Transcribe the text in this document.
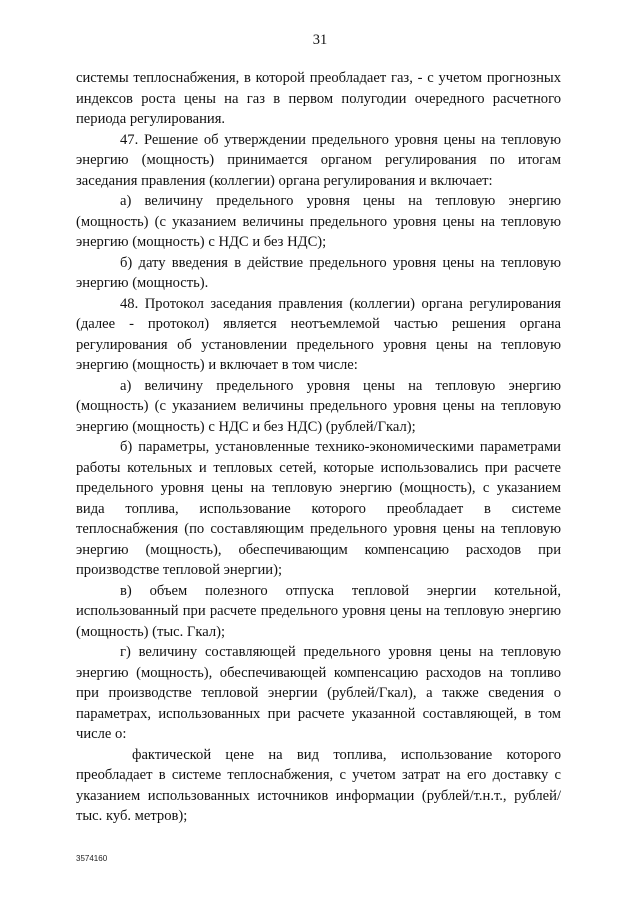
31

системы теплоснабжения, в которой преобладает газ, - с учетом прогнозных индексов роста цены на газ в первом полугодии очередного расчетного периода регулирования.

47. Решение об утверждении предельного уровня цены на тепловую энергию (мощность) принимается органом регулирования по итогам заседания правления (коллегии) органа регулирования и включает:

а) величину предельного уровня цены на тепловую энергию (мощность) (с указанием величины предельного уровня цены на тепловую энергию (мощность) с НДС и без НДС);

б) дату введения в действие предельного уровня цены на тепловую энергию (мощность).

48. Протокол заседания правления (коллегии) органа регулирования (далее - протокол) является неотъемлемой частью решения органа регулирования об установлении предельного уровня цены на тепловую энергию (мощность) и включает в том числе:

а) величину предельного уровня цены на тепловую энергию (мощность) (с указанием величины предельного уровня цены на тепловую энергию (мощность) с НДС и без НДС) (рублей/Гкал);

б) параметры, установленные технико-экономическими параметрами работы котельных и тепловых сетей, которые использовались при расчете предельного уровня цены на тепловую энергию (мощность), с указанием вида топлива, использование которого преобладает в системе теплоснабжения (по составляющим предельного уровня цены на тепловую энергию (мощность), обеспечивающим компенсацию расходов при производстве тепловой энергии);

в) объем полезного отпуска тепловой энергии котельной, использованный при расчете предельного уровня цены на тепловую энергию (мощность) (тыс. Гкал);

г) величину составляющей предельного уровня цены на тепловую энергию (мощность), обеспечивающей компенсацию расходов на топливо при производстве тепловой энергии (рублей/Гкал), а также сведения о параметрах, использованных при расчете указанной составляющей, в том числе о:

фактической цене на вид топлива, использование которого преобладает в системе теплоснабжения, с учетом затрат на его доставку с указанием использованных источников информации (рублей/т.н.т., рублей/тыс. куб. метров);

3574160
